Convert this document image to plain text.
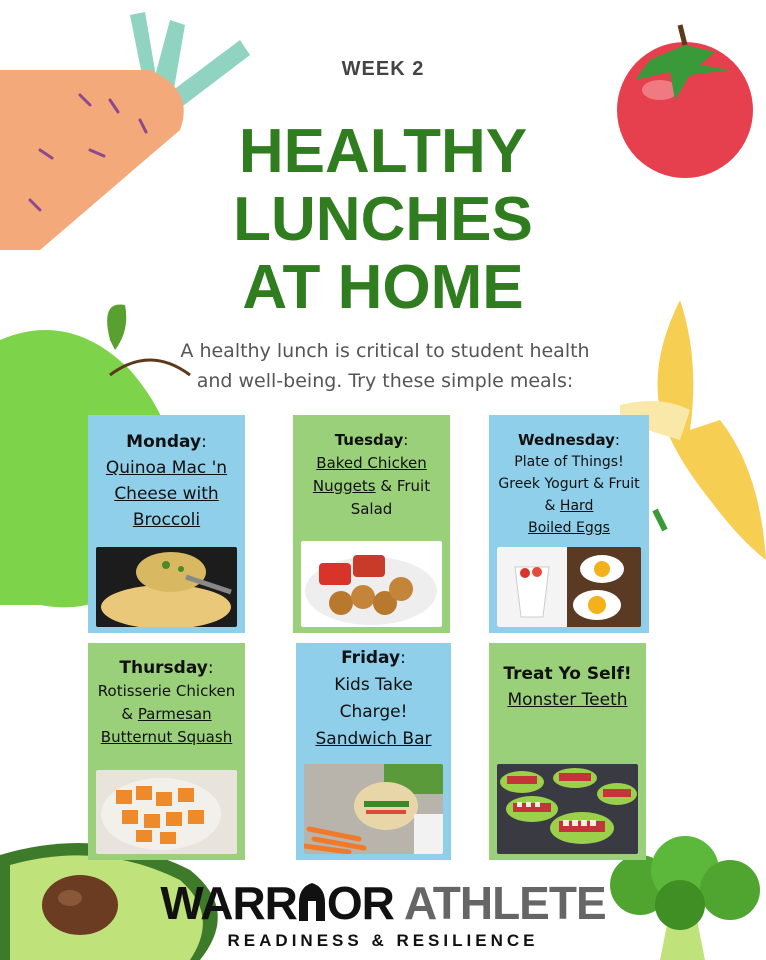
WEEK 2
HEALTHY
LUNCHES
AT HOME
A healthy lunch is critical to student health
and well-being. Try these simple meals:
Monday:
Quinoa Mac 'n
Cheese with
Broccoli
Tuesday:
Baked Chicken
Nuggets & Fruit
Salad
Wednesday:
Plate of Things!
Greek Yogurt & Fruit
& Hard
Boiled Eggs
Thursday:
Rotisserie Chicken
& Parmesan
Butternut Squash
Friday:
Kids Take
Charge!
Sandwich Bar
Treat Yo Self!
Monster Teeth
WARR OR ATHLETE
READINESS & RESILIENCE
